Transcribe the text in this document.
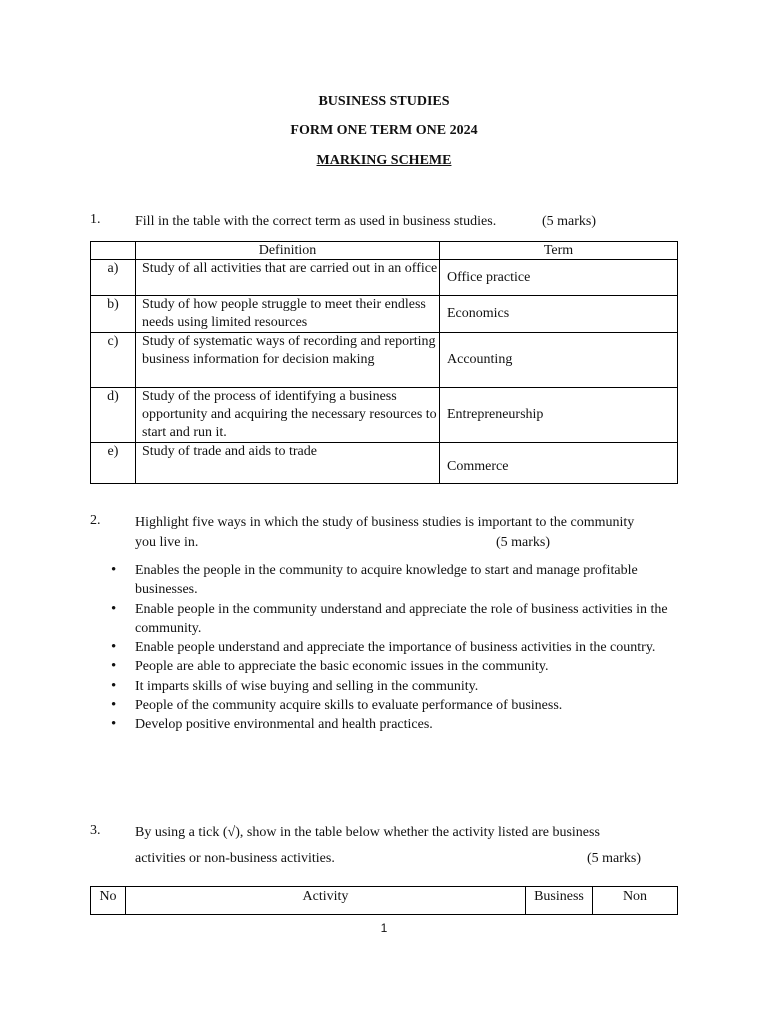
BUSINESS STUDIES
FORM ONE TERM ONE 2024
MARKING SCHEME
1. Fill in the table with the correct term as used in business studies.	(5 marks)
	Definition	Term
a)	Study of all activities that are carried out in an office	Office practice
b)	Study of how people struggle to meet their endless needs using limited resources	Economics
c)	Study of systematic ways of recording and reporting business information for decision making	Accounting
d)	Study of the process of identifying a business opportunity and acquiring the necessary resources to start and run it.	Entrepreneurship
e)	Study of trade and aids to trade	Commerce
2. Highlight five ways in which the study of business studies is important to the community
you live in.	(5 marks)
• Enables the people in the community to acquire knowledge to start and manage profitable businesses.
• Enable people in the community understand and appreciate the role of business activities in the community.
• Enable people understand and appreciate the importance of business activities in the country.
• People are able to appreciate the basic economic issues in the community.
• It imparts skills of wise buying and selling in the community.
• People of the community acquire skills to evaluate performance of business.
• Develop positive environmental and health practices.
3. By using a tick (√), show in the table below whether the activity listed are business
activities or non-business activities.	(5 marks)
No	Activity	Business	Non
1
